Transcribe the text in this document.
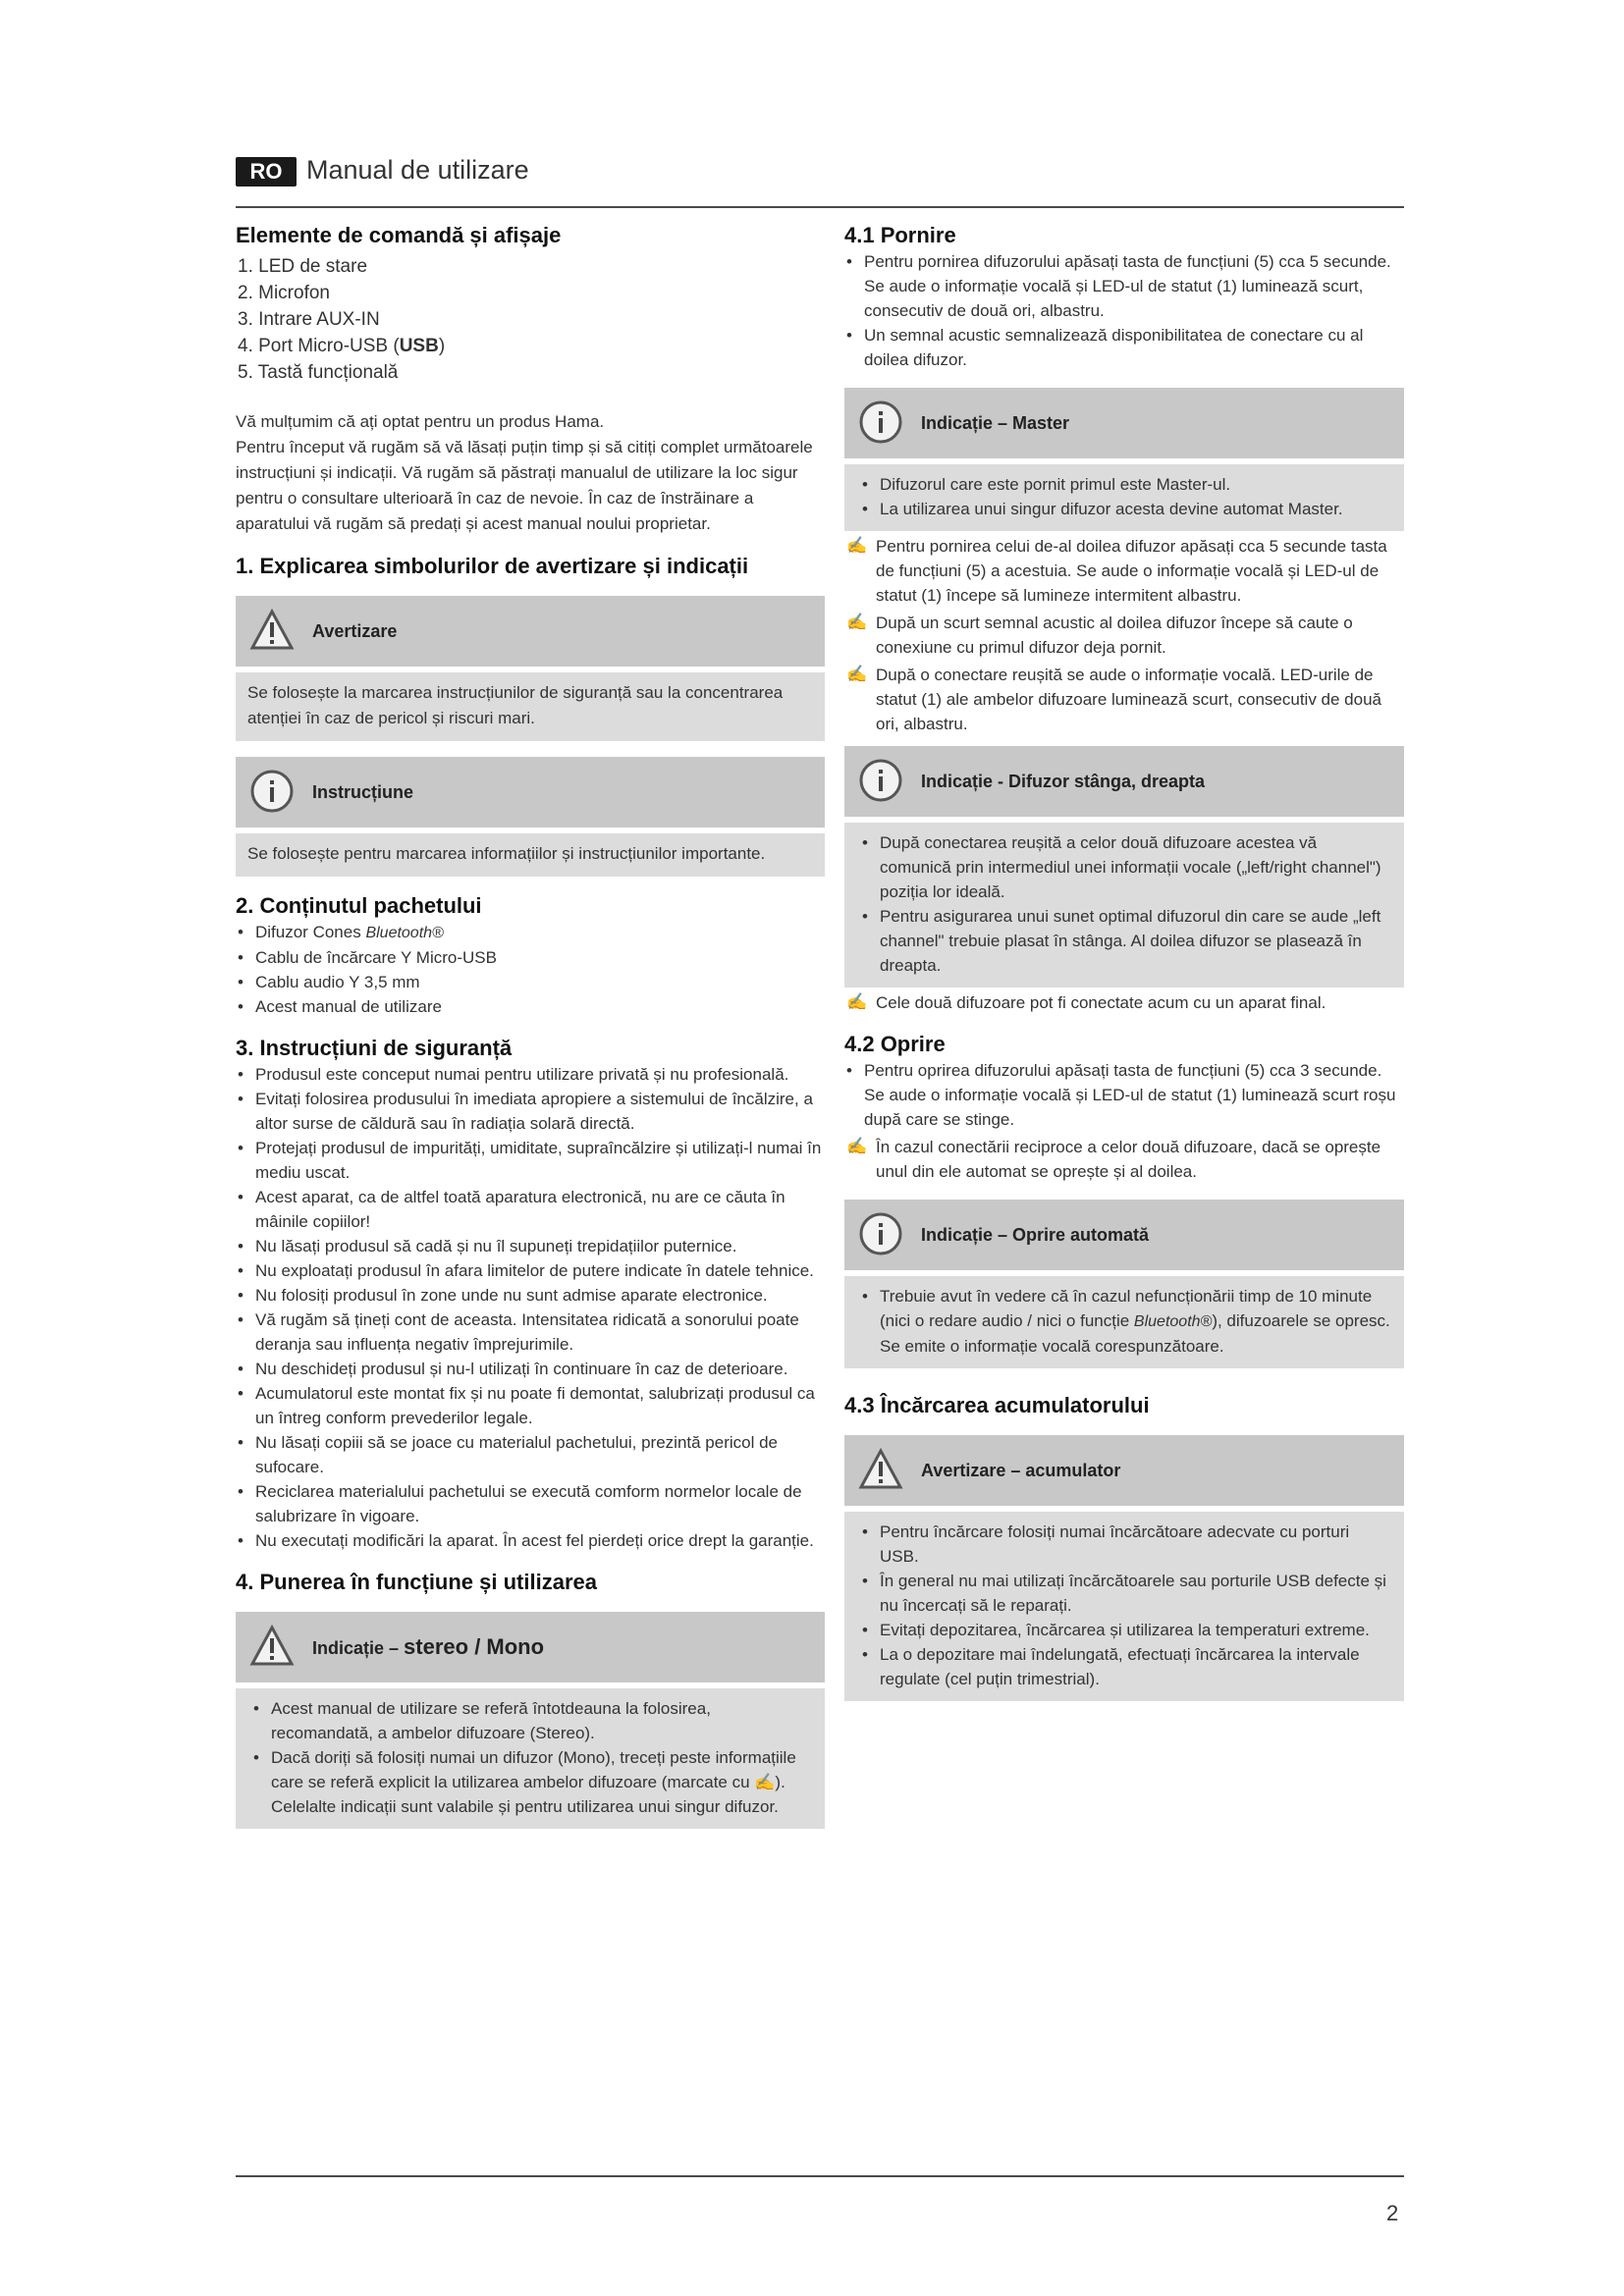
RO Manual de utilizare
Elemente de comandă și afișaje
1. LED de stare
2. Microfon
3. Intrare AUX-IN
4. Port Micro-USB (USB)
5. Tastă funcțională

Vă mulțumim că ați optat pentru un produs Hama.

Pentru început vă rugăm să vă lăsați puțin timp și să citiți complet următoarele instrucțiuni și indicații. Vă rugăm să păstrați manualul de utilizare la loc sigur pentru o consultare ulterioară în caz de nevoie. În caz de înstrăinare a aparatului vă rugăm să predați și acest manual noului proprietar.

1. Explicarea simbolurilor de avertizare și indicații
Avertizare

Se folosește la marcarea instrucțiunilor de siguranță sau la concentrarea atenției în caz de pericol și riscuri mari.

Instrucțiune

Se folosește pentru marcarea informațiilor și instrucțiunilor importante.

2. Conținutul pachetului
• Difuzor Cones Bluetooth®
• Cablu de încărcare Y Micro-USB
• Cablu audio Y 3,5 mm
• Acest manual de utilizare
3. Instrucțiuni de siguranță
• Produsul este conceput numai pentru utilizare privată și nu profesională.
• Evitați folosirea produsului în imediata apropiere a sistemului de încălzire, a altor surse de căldură sau în radiația solară directă.
• Protejați produsul de impurități, umiditate, supraîncălzire și utilizați-l numai în mediu uscat.
• Acest aparat, ca de altfel toată aparatura electronică, nu are ce căuta în mâinile copiilor!
• Nu lăsați produsul să cadă și nu îl supuneți trepidațiilor puternice.
• Nu exploatați produsul în afara limitelor de putere indicate în datele tehnice.
• Nu folosiți produsul în zone unde nu sunt admise aparate electronice.
• Vă rugăm să țineți cont de aceasta. Intensitatea ridicată a sonorului poate deranja sau influența negativ împrejurimile.
• Nu deschideți produsul și nu-l utilizați în continuare în caz de deterioare.
• Acumulatorul este montat fix și nu poate fi demontat, salubrizați produsul ca un întreg conform prevederilor legale.
• Nu lăsați copiii să se joace cu materialul pachetului, prezintă pericol de sufocare.
• Reciclarea materialului pachetului se execută comform normelor locale de salubrizare în vigoare.
• Nu executați modificări la aparat. În acest fel pierdeți orice drept la garanție.
4. Punerea în funcțiune și utilizarea
Indicație – stereo / Mono
• Acest manual de utilizare se referă întotdeauna la folosirea, recomandată, a ambelor difuzoare (Stereo).
• Dacă doriți să folosiți numai un difuzor (Mono), treceți peste informațiile care se referă explicit la utilizarea ambelor difuzoare (marcate cu ✍). Celelalte indicații sunt valabile și pentru utilizarea unui singur difuzor.
4.1 Pornire
• Pentru pornirea difuzorului apăsați tasta de funcțiuni (5) cca 5 secunde. Se aude o informație vocală și LED-ul de statut (1) luminează scurt, consecutiv de două ori, albastru.
• Un semnal acustic semnalizează disponibilitatea de conectare cu al doilea difuzor.
Indicație – Master
• Difuzorul care este pornit primul este Master-ul.
• La utilizarea unui singur difuzor acesta devine automat Master.
✍ Pentru pornirea celui de-al doilea difuzor apăsați cca 5 secunde tasta de funcțiuni (5) a acestuia. Se aude o informație vocală și LED-ul de statut (1) începe să lumineze intermitent albastru.
✍ După un scurt semnal acustic al doilea difuzor începe să caute o conexiune cu primul difuzor deja pornit.
✍ După o conectare reușită se aude o informație vocală. LED-urile de statut (1) ale ambelor difuzoare luminează scurt, consecutiv de două ori, albastru.
Indicație - Difuzor stânga, dreapta
• După conectarea reușită a celor două difuzoare acestea vă comunică prin intermediul unei informații vocale („left/right channel") poziția lor ideală.
• Pentru asigurarea unui sunet optimal difuzorul din care se aude „left channel" trebuie plasat în stânga. Al doilea difuzor se plasează în dreapta.
✍ Cele două difuzoare pot fi conectate acum cu un aparat final.
4.2 Oprire
• Pentru oprirea difuzorului apăsați tasta de funcțiuni (5) cca 3 secunde. Se aude o informație vocală și LED-ul de statut (1) luminează scurt roșu după care se stinge.
✍ În cazul conectării reciproce a celor două difuzoare, dacă se oprește unul din ele automat se oprește și al doilea.
Indicație – Oprire automată
• Trebuie avut în vedere că în cazul nefuncționării timp de 10 minute (nici o redare audio / nici o funcție Bluetooth®), difuzoarele se opresc. Se emite o informație vocală corespunzătoare.
4.3 Încărcarea acumulatorului
Avertizare – acumulator
• Pentru încărcare folosiți numai încărcătoare adecvate cu porturi USB.
• În general nu mai utilizați încărcătoarele sau porturile USB defecte și nu încercați să le reparați.
• Evitați depozitarea, încărcarea și utilizarea la temperaturi extreme.
• La o depozitare mai îndelungată, efectuați încărcarea la intervale regulate (cel puțin trimestrial).
2
